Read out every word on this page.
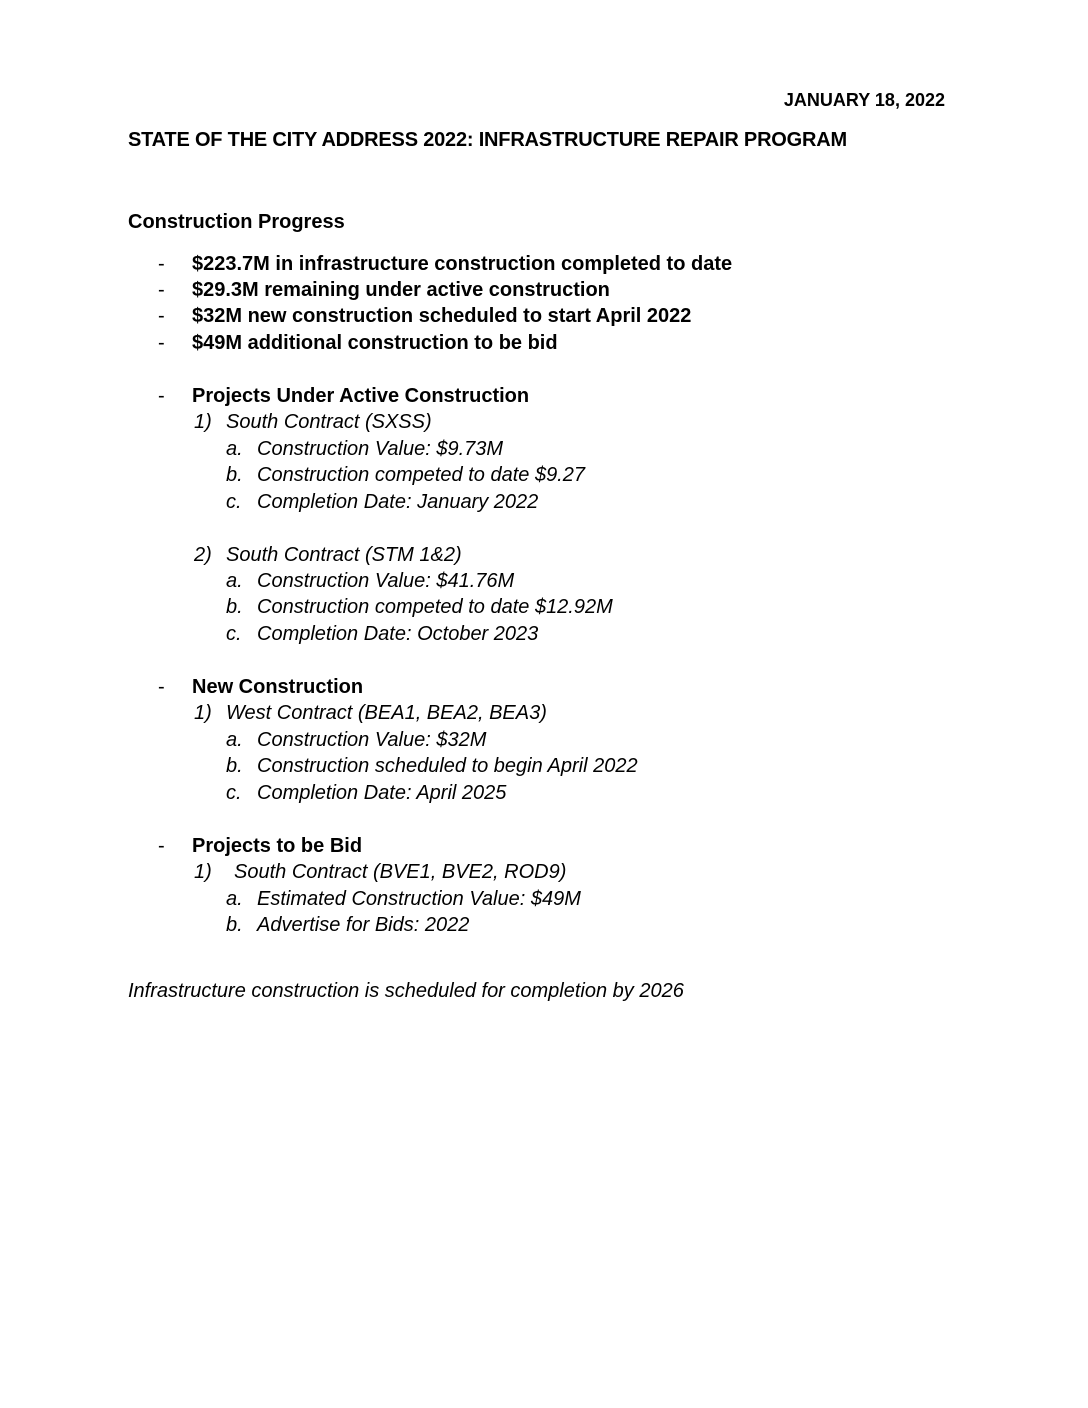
JANUARY 18, 2022
STATE OF THE CITY ADDRESS 2022: INFRASTRUCTURE REPAIR PROGRAM
Construction Progress
- $223.7M in infrastructure construction completed to date
- $29.3M remaining under active construction
- $32M new construction scheduled to start April 2022
- $49M additional construction to be bid
- Projects Under Active Construction
1) South Contract (SXSS)
a. Construction Value: $9.73M
b. Construction competed to date $9.27
c. Completion Date: January 2022
2) South Contract (STM 1&2)
a. Construction Value: $41.76M
b. Construction competed to date $12.92M
c. Completion Date: October 2023
- New Construction
1) West Contract (BEA1, BEA2, BEA3)
a. Construction Value: $32M
b. Construction scheduled to begin April 2022
c. Completion Date: April 2025
- Projects to be Bid
1) South Contract (BVE1, BVE2, ROD9)
a. Estimated Construction Value: $49M
b. Advertise for Bids: 2022
Infrastructure construction is scheduled for completion by 2026
